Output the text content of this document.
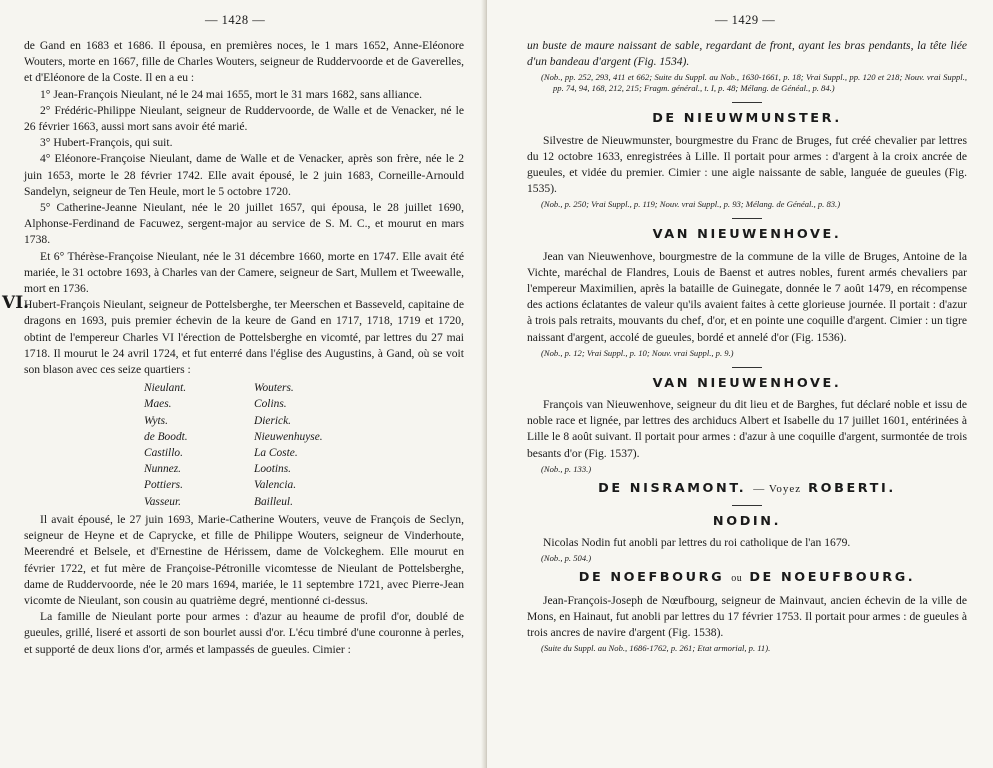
— 1428 —

de Gand en 1683 et 1686. Il épousa, en premières noces, le 1 mars 1652, Anne-Eléonore Wouters, morte en 1667, fille de Charles Wouters, seigneur de Ruddervoorde et de Gaverelles, et d'Eléonore de la Coste. Il en a eu :

1° Jean-François Nieulant, né le 24 mai 1655, mort le 31 mars 1682, sans alliance.

2° Frédéric-Philippe Nieulant, seigneur de Ruddervoorde, de Walle et de Venacker, né le 26 février 1663, aussi mort sans avoir été marié.

3° Hubert-François, qui suit.

4° Eléonore-Françoise Nieulant, dame de Walle et de Venacker, après son frère, née le 2 juin 1653, morte le 28 février 1742. Elle avait épousé, le 2 juin 1683, Corneille-Arnould Sandelyn, seigneur de Ten Heule, mort le 5 octobre 1720.

5° Catherine-Jeanne Nieulant, née le 20 juillet 1657, qui épousa, le 28 juillet 1690, Alphonse-Ferdinand de Facuwez, sergent-major au service de S. M. C., et mourut en mars 1738.

Et 6° Thérèse-Françoise Nieulant, née le 31 décembre 1660, morte en 1747. Elle avait été mariée, le 31 octobre 1693, à Charles van der Camere, seigneur de Sart, Mullem et Tweewalle, mort en 1736.

VI.

Hubert-François Nieulant, seigneur de Pottelsberghe, ter Meerschen et Basseveld, capitaine de dragons en 1693, puis premier échevin de la keure de Gand en 1717, 1718, 1719 et 1720, obtint de l'empereur Charles VI l'érection de Pottelsberghe en vicomté, par lettres du 27 mai 1718. Il mourut le 24 avril 1724, et fut enterré dans l'église des Augustins, à Gand, où se voit son blason avec ces seize quartiers :

Nieulant.	Wouters.
Maes.	Colins.
Wyts.	Dierick.
de Boodt.	Nieuwenhuyse.
Castillo.	La Coste.
Nunnez.	Lootins.
Pottiers.	Valencia.
Vasseur.	Bailleul.

Il avait épousé, le 27 juin 1693, Marie-Catherine Wouters, veuve de François de Seclyn, seigneur de Heyne et de Caprycke, et fille de Philippe Wouters, seigneur de Vinderhoute, Meerendré et Belsele, et d'Ernestine de Hérissem, dame de Volckeghem. Elle mourut en février 1722, et fut mère de Françoise-Pétronille vicomtesse de Nieulant de Pottelsberghe, dame de Ruddervoorde, née le 20 mars 1694, mariée, le 11 septembre 1721, avec Pierre-Jean vicomte de Nieulant, son cousin au quatrième degré, mentionné ci-dessus.

La famille de Nieulant porte pour armes : d'azur au heaume de profil d'or, doublé de gueules, grillé, liseré et assorti de son bourlet aussi d'or. L'écu timbré d'une couronne à perles, et supporté de deux lions d'or, armés et lampassés de gueules. Cimier :

— 1429 —

un buste de maure naissant de sable, regardant de front, ayant les bras pendants, la tête liée d'un bandeau d'argent (Fig. 1534).

(Nob., pp. 252, 293, 411 et 662; Suite du Suppl. au Nob., 1630-1661, p. 18; Vrai Suppl., pp. 120 et 218; Nouv. vrai Suppl., pp. 74, 94, 168, 212, 215; Fragm. général., t. I, p. 48; Mélang. de Généal., p. 84.)

DE NIEUWMUNSTER.

Silvestre de Nieuwmunster, bourgmestre du Franc de Bruges, fut créé chevalier par lettres du 12 octobre 1633, enregistrées à Lille. Il portait pour armes : d'argent à la croix ancrée de gueules, et vidée du premier. Cimier : une aigle naissante de sable, languée de gueules (Fig. 1535).

(Nob., p. 250; Vrai Suppl., p. 119; Nouv. vrai Suppl., p. 93; Mélang. de Généal., p. 83.)

VAN NIEUWENHOVE.

Jean van Nieuwenhove, bourgmestre de la commune de la ville de Bruges, Antoine de la Vichte, maréchal de Flandres, Louis de Baenst et autres nobles, furent armés chevaliers par l'empereur Maximilien, après la bataille de Guinegate, donnée le 7 août 1479, en récompense des actions éclatantes de valeur qu'ils avaient faites à cette glorieuse journée. Il portait : d'azur à trois pals retraits, mouvants du chef, d'or, et en pointe une coquille d'argent. Cimier : un tigre naissant d'argent, accolé de gueules, bordé et annelé d'or (Fig. 1536).

(Nob., p. 12; Vrai Suppl., p. 10; Nouv. vrai Suppl., p. 9.)

VAN NIEUWENHOVE.

François van Nieuwenhove, seigneur du dit lieu et de Barghes, fut déclaré noble et issu de noble race et lignée, par lettres des archiducs Albert et Isabelle du 17 juillet 1601, entérinées à Lille le 8 août suivant. Il portait pour armes : d'azur à une coquille d'argent, surmontée de trois besants d'or (Fig. 1537).

(Nob., p. 133.)

DE NISRAMONT. — Voyez ROBERTI.
NODIN.

Nicolas Nodin fut anobli par lettres du roi catholique de l'an 1679.

(Nob., p. 504.)

DE NOEFBOURG ou DE NOEUFBOURG.

Jean-François-Joseph de Nœufbourg, seigneur de Mainvaut, ancien échevin de la ville de Mons, en Hainaut, fut anobli par lettres du 17 février 1753. Il portait pour armes : de gueules à trois ancres de navire d'argent (Fig. 1538).

(Suite du Suppl. au Nob., 1686-1762, p. 261; Etat armorial, p. 11).
